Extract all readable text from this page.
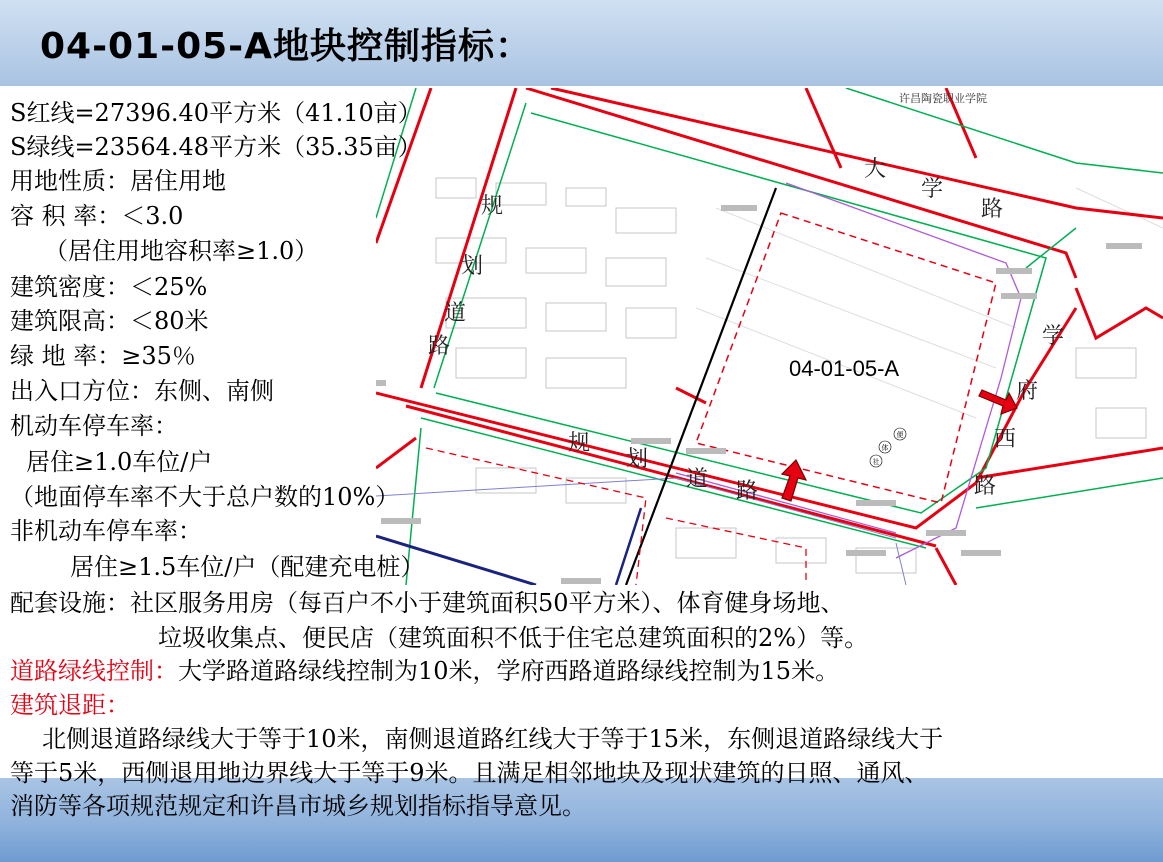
04-01-05-A地块控制指标：
大
学
路
学
府
西
路
规
划
道
路
规
划
道 路
许昌陶瓷职业学院
04-01-05-A
便
体
社
S红线=27396.40平方米（41.10亩）
S绿线=23564.48平方米（35.35亩）
用地性质：居住用地
容 积 率：＜3.0
（居住用地容积率≥1.0）
建筑密度：＜25%
建筑限高：＜80米
绿 地 率：≥35％
出入口方位：东侧、南侧
机动车停车率：
居住≥1.0车位/户
（地面停车率不大于总户数的10%）
非机动车停车率：
居住≥1.5车位/户（配建充电桩）
配套设施：社区服务用房（每百户不小于建筑面积50平方米）、体育健身场地、
垃圾收集点、便民店（建筑面积不低于住宅总建筑面积的2%）等。
道路绿线控制：大学路道路绿线控制为10米，学府西路道路绿线控制为15米。
建筑退距：
北侧退道路绿线大于等于10米，南侧退道路红线大于等于15米，东侧退道路绿线大于
等于5米，西侧退用地边界线大于等于9米。且满足相邻地块及现状建筑的日照、通风、
消防等各项规范规定和许昌市城乡规划指标指导意见。
